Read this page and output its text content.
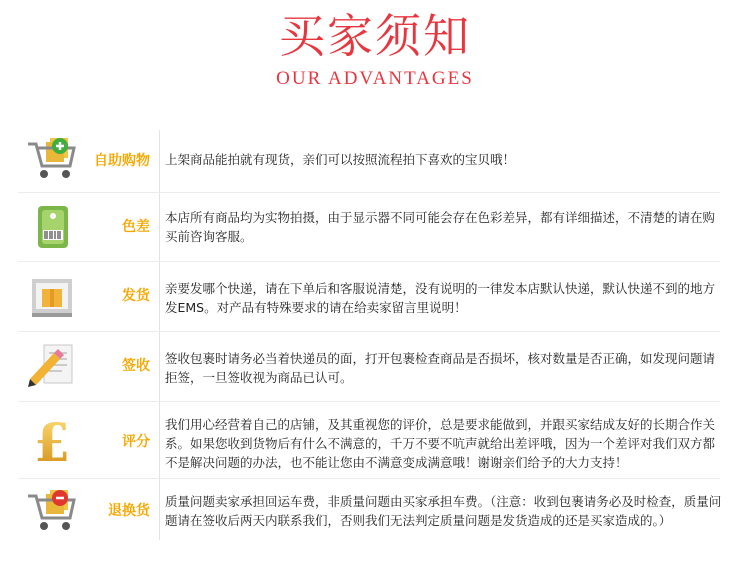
买家须知
OUR ADVANTAGES
自助购物 上架商品能拍就有现货，亲们可以按照流程拍下喜欢的宝贝哦！
色差
本店所有商品均为实物拍摄，由于显示器不同可能会存在色彩差异，都有详细描述，不清楚的请在购买前咨询客服。
发货 亲要发哪个快递，请在下单后和客服说清楚，没有说明的一律发本店默认快递，默认快递不到的地方发EMS。对产品有特殊要求的请在给卖家留言里说明！
签收 签收包裹时请务必当着快递员的面，打开包裹检查商品是否损坏，核对数量是否正确，如发现问题请拒签，一旦签收视为商品已认可。
£	评分
我们用心经营着自己的店铺，及其重视您的评价，总是要求能做到，并跟买家结成友好的长期合作关系。如果您收到货物后有什么不满意的，千万不要不吭声就给出差评哦，因为一个差评对我们双方都不是解决问题的办法，也不能让您由不满意变成满意哦！谢谢亲们给予的大力支持！
退换货
质量问题卖家承担回运车费，非质量问题由买家承担车费。（注意：收到包裹请务必及时检查，质量问题请在签收后两天内联系我们，否则我们无法判定质量问题是发货造成的还是买家造成的。）
